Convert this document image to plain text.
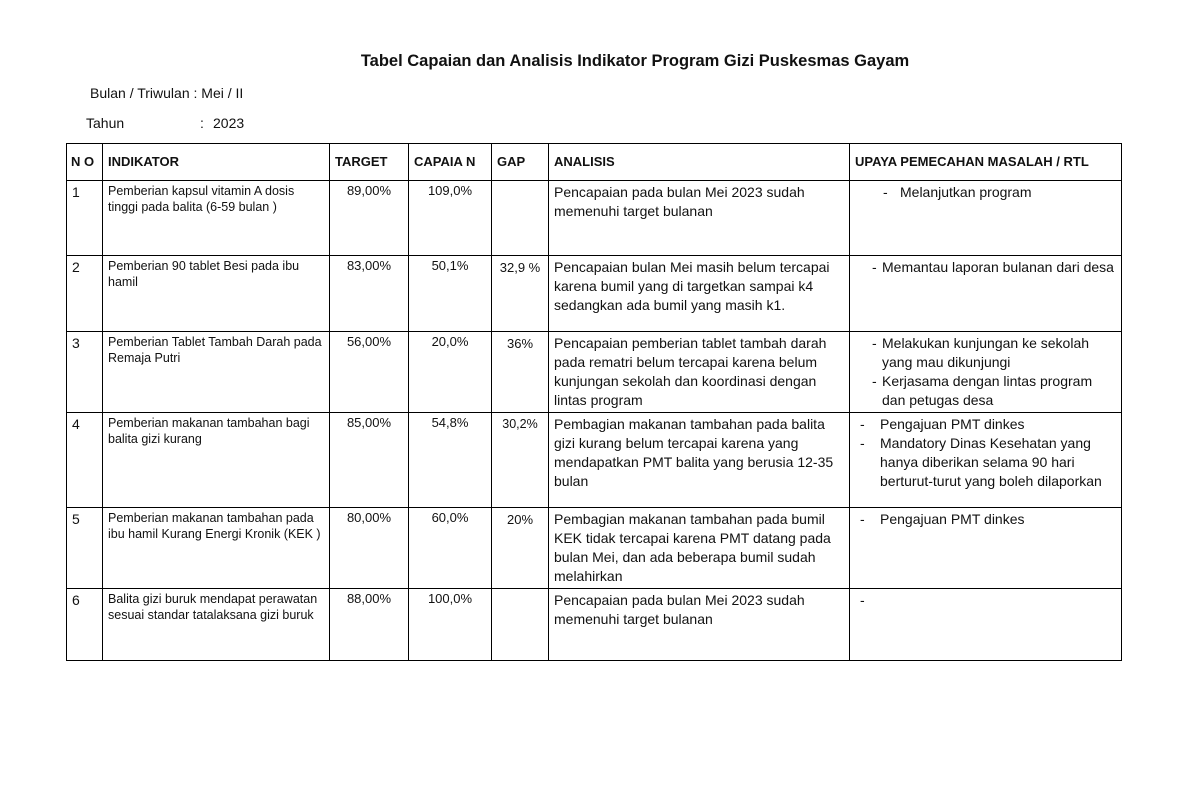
Tabel Capaian dan Analisis Indikator Program Gizi Puskesmas Gayam
Bulan / Triwulan : Mei / II
Tahun	: 2023
N O	INDIKATOR	TARGET	CAPAIA N	GAP	ANALISIS	UPAYA PEMECAHAN MASALAH / RTL
1	Pemberian kapsul vitamin A dosis tinggi pada balita (6-59 bulan )	89,00%	109,0%		Pencapaian pada bulan Mei 2023 sudah memenuhi target bulanan	- Melanjutkan program

2	Pemberian 90 tablet Besi pada ibu hamil	83,00%	50,1%	32,9 %	Pencapaian bulan Mei masih belum tercapai karena bumil yang di targetkan sampai k4 sedangkan ada bumil yang masih k1.	- Memantau laporan bulanan dari desa

3	Pemberian Tablet Tambah Darah pada Remaja Putri	56,00%	20,0%	36%	Pencapaian pemberian tablet tambah darah pada rematri belum tercapai karena belum kunjungan sekolah dan koordinasi dengan lintas program	- Melakukan kunjungan ke sekolah yang mau dikunjungi
- Kerjasama dengan lintas program dan petugas desa

4	Pemberian makanan tambahan bagi balita gizi kurang	85,00%	54,8%	30,2%	Pembagian makanan tambahan pada balita gizi kurang belum tercapai karena yang mendapatkan PMT balita yang berusia 12-35 bulan	- Pengajuan PMT dinkes
- Mandatory Dinas Kesehatan yang hanya diberikan selama 90 hari berturut-turut yang boleh dilaporkan

5	Pemberian makanan tambahan pada ibu hamil Kurang Energi Kronik (KEK )	80,00%	60,0%	20%	Pembagian makanan tambahan pada bumil KEK tidak tercapai karena PMT datang pada bulan Mei, dan ada beberapa bumil sudah melahirkan	- Pengajuan PMT dinkes

6	Balita gizi buruk mendapat perawatan sesuai standar tatalaksana gizi buruk	88,00%	100,0%		Pencapaian pada bulan Mei 2023 sudah memenuhi target bulanan	-
